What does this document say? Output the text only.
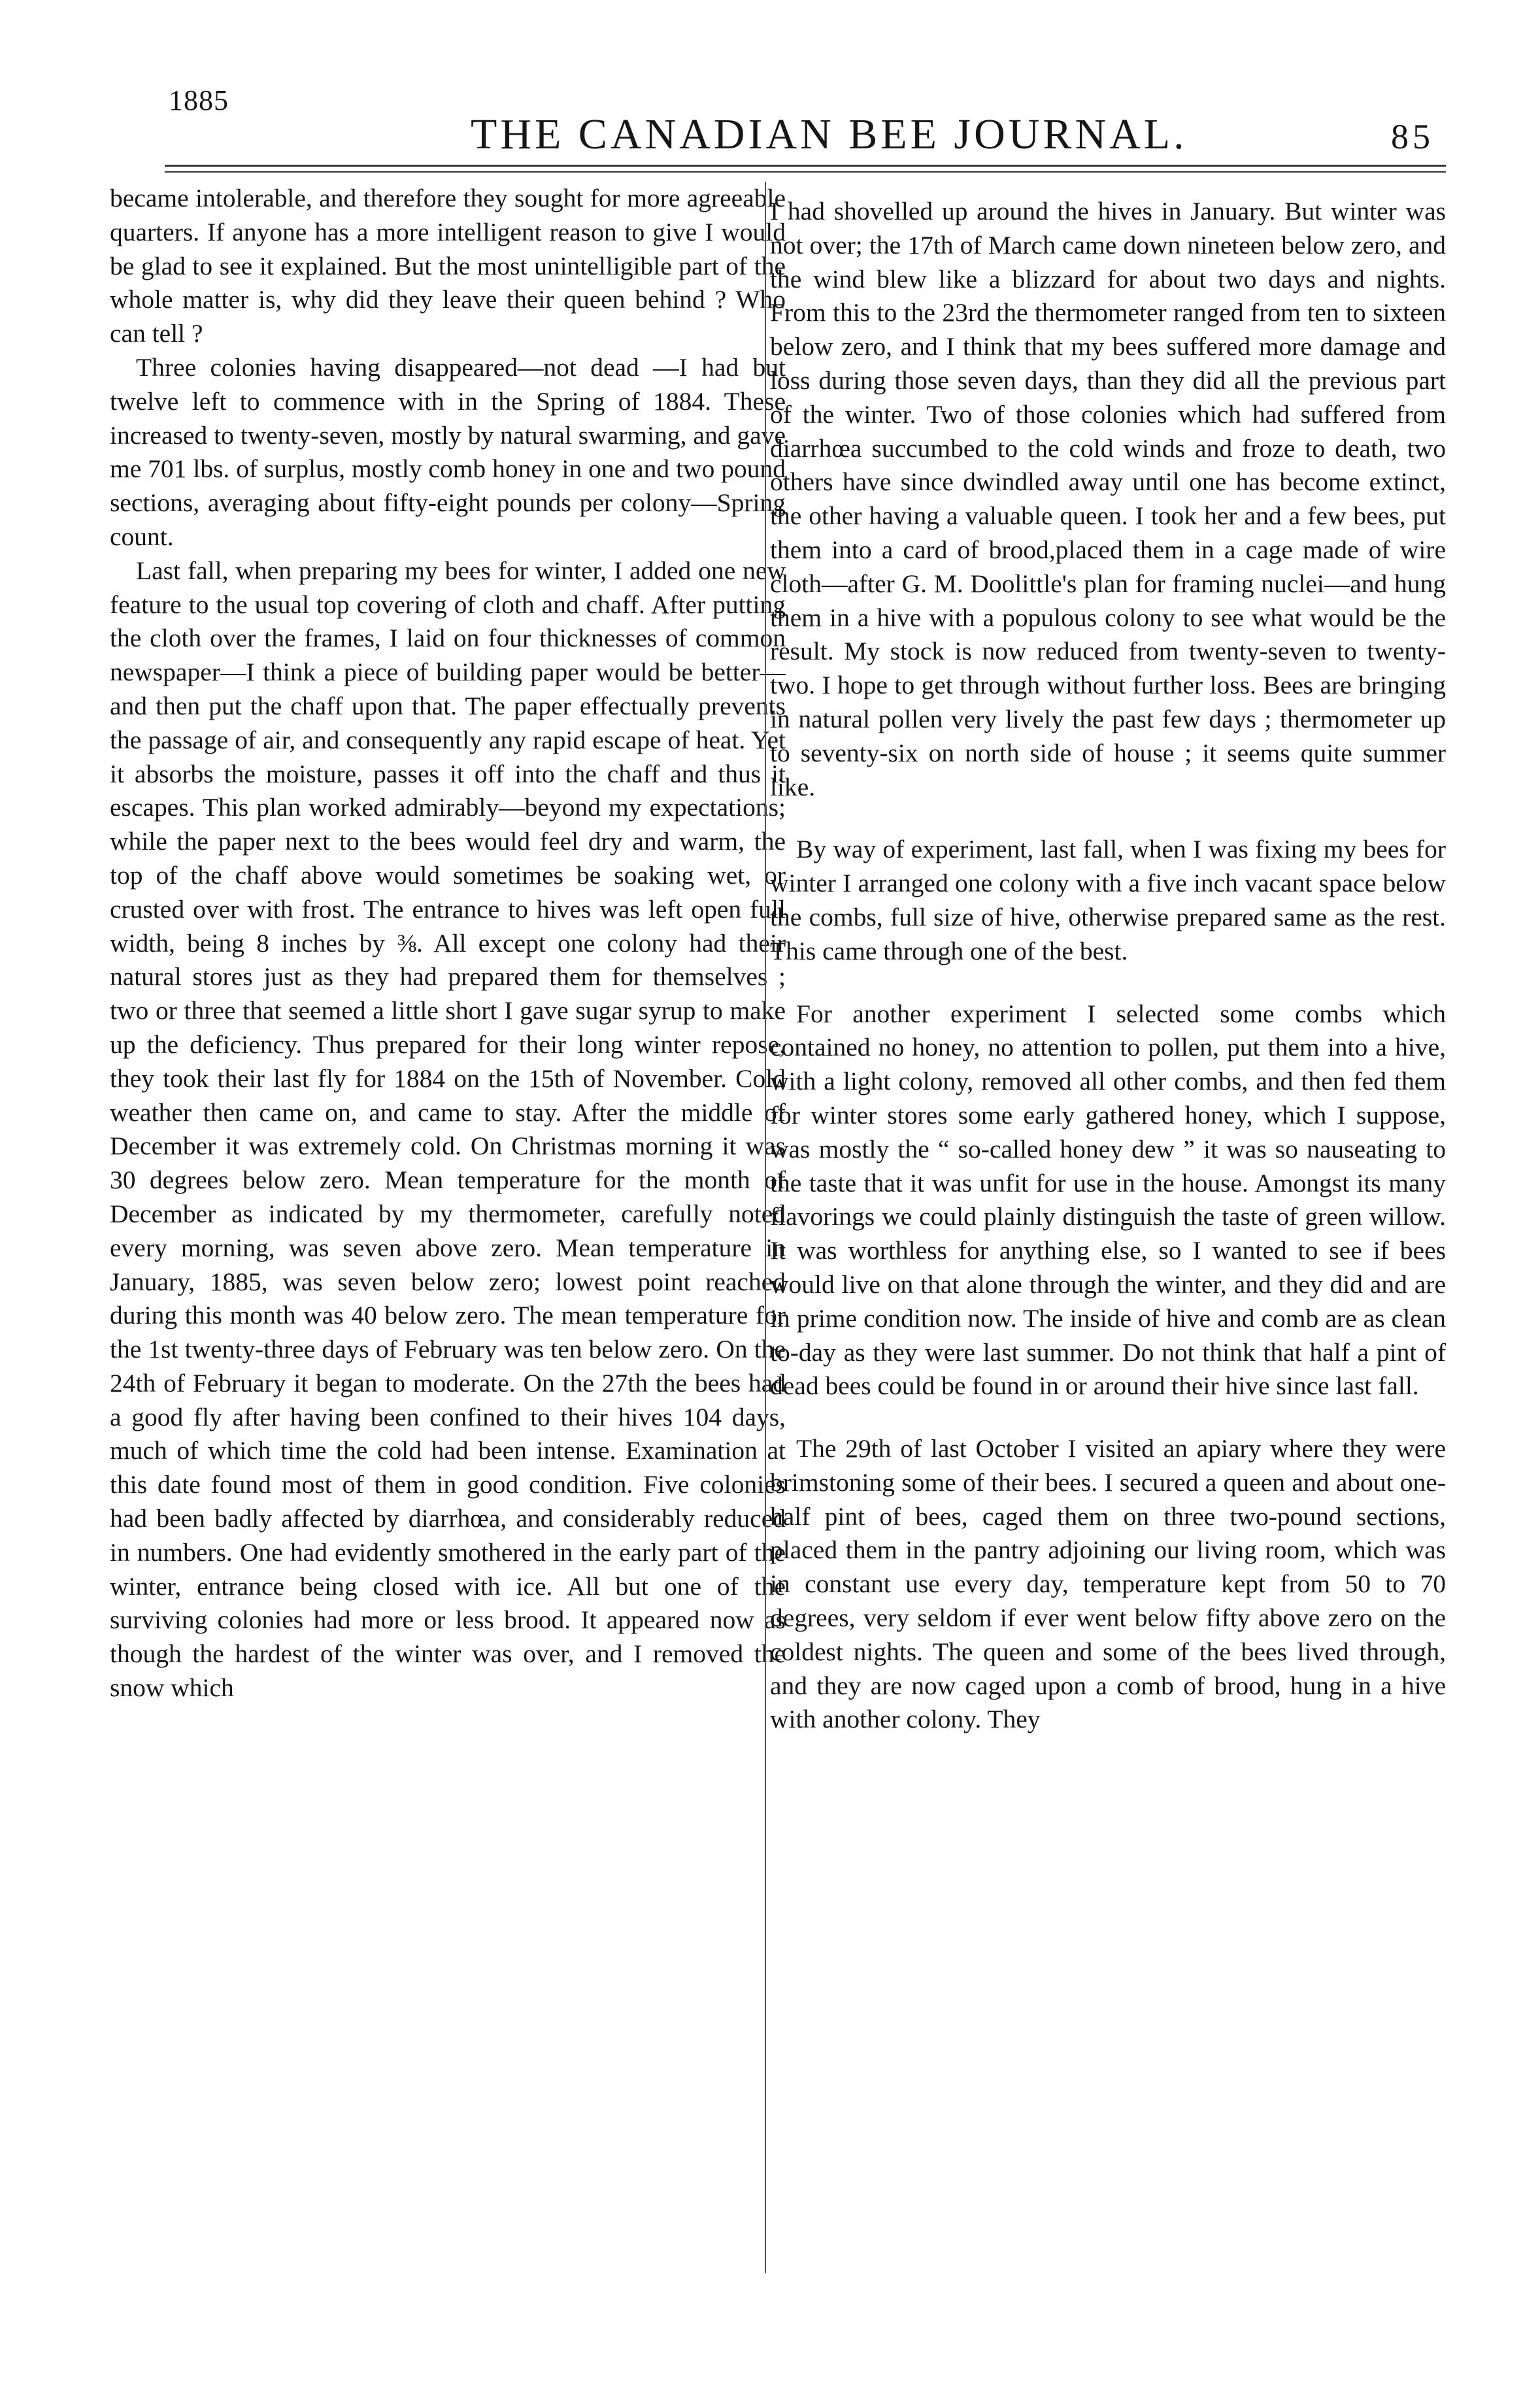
1885
THE CANADIAN BEE JOURNAL.	85

became intolerable, and therefore they sought for more agreeable quarters. If anyone has a more intelligent reason to give I would be glad to see it explained. But the most unintelligible part of the whole matter is, why did they leave their queen behind ? Who can tell ?

Three colonies having disappeared—not dead —I had but twelve left to commence with in the Spring of 1884. These increased to twenty-seven, mostly by natural swarming, and gave me 701 lbs. of surplus, mostly comb honey in one and two pound sections, averaging about fifty-eight pounds per colony—Spring count.

Last fall, when preparing my bees for winter, I added one new feature to the usual top covering of cloth and chaff. After putting the cloth over the frames, I laid on four thicknesses of common newspaper—I think a piece of building paper would be better—and then put the chaff upon that. The paper effectually prevents the passage of air, and consequently any rapid escape of heat. Yet it absorbs the moisture, passes it off into the chaff and thus it escapes. This plan worked admirably—beyond my expectations; while the paper next to the bees would feel dry and warm, the top of the chaff above would sometimes be soaking wet, or crusted over with frost. The entrance to hives was left open full width, being 8 inches by ⅜. All except one colony had their natural stores just as they had prepared them for themselves ; two or three that seemed a little short I gave sugar syrup to make up the deficiency. Thus prepared for their long winter repose, they took their last fly for 1884 on the 15th of November. Cold weather then came on, and came to stay. After the middle of December it was extremely cold. On Christmas morning it was 30 degrees below zero. Mean temperature for the month of December as indicated by my thermometer, carefully noted every morning, was seven above zero. Mean temperature in January, 1885, was seven below zero; lowest point reached during this month was 40 below zero. The mean temperature for the 1st twenty-three days of February was ten below zero. On the 24th of February it began to moderate. On the 27th the bees had a good fly after having been confined to their hives 104 days, much of which time the cold had been intense. Examination at this date found most of them in good condition. Five colonies had been badly affected by diarrhœa, and considerably reduced in numbers. One had evidently smothered in the early part of the winter, entrance being closed with ice. All but one of the surviving colonies had more or less brood. It appeared now as though the hardest of the winter was over, and I removed the snow which

I had shovelled up around the hives in January. But winter was not over; the 17th of March came down nineteen below zero, and the wind blew like a blizzard for about two days and nights. From this to the 23rd the thermometer ranged from ten to sixteen below zero, and I think that my bees suffered more damage and loss during those seven days, than they did all the previous part of the winter. Two of those colonies which had suffered from diarrhœa succumbed to the cold winds and froze to death, two others have since dwindled away until one has become extinct, the other having a valuable queen. I took her and a few bees, put them into a card of brood,placed them in a cage made of wire cloth—after G. M. Doolittle's plan for framing nuclei—and hung them in a hive with a populous colony to see what would be the result. My stock is now reduced from twenty-seven to twenty-two. I hope to get through without further loss. Bees are bringing in natural pollen very lively the past few days ; thermometer up to seventy-six on north side of house ; it seems quite summer like.

By way of experiment, last fall, when I was fixing my bees for winter I arranged one colony with a five inch vacant space below the combs, full size of hive, otherwise prepared same as the rest. This came through one of the best.

For another experiment I selected some combs which contained no honey, no attention to pollen, put them into a hive, with a light colony, removed all other combs, and then fed them for winter stores some early gathered honey, which I suppose, was mostly the “ so-called honey dew ” it was so nauseating to the taste that it was unfit for use in the house. Amongst its many flavorings we could plainly distinguish the taste of green willow. It was worthless for anything else, so I wanted to see if bees would live on that alone through the winter, and they did and are in prime condition now. The inside of hive and comb are as clean to-day as they were last summer. Do not think that half a pint of dead bees could be found in or around their hive since last fall.

The 29th of last October I visited an apiary where they were brimstoning some of their bees. I secured a queen and about one-half pint of bees, caged them on three two-pound sections, placed them in the pantry adjoining our living room, which was in constant use every day, temperature kept from 50 to 70 degrees, very seldom if ever went below fifty above zero on the coldest nights. The queen and some of the bees lived through, and they are now caged upon a comb of brood, hung in a hive with another colony. They
